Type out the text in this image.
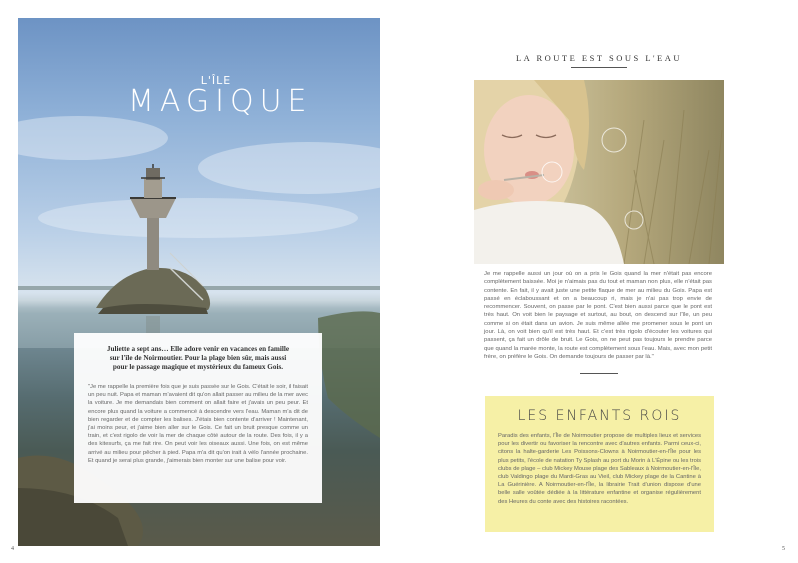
L'ÎLE
MAGIQUE
Juliette a sept ans… Elle adore venir en vacances en famille sur l'île de Noirmoutier. Pour la plage bien sûr, mais aussi pour le passage magique et mystérieux du fameux Gois.
"Je me rappelle la première fois que je suis passée sur le Gois. C'était le soir, il faisait un peu nuit. Papa et maman m'avaient dit qu'on allait passer au milieu de la mer avec la voiture. Je me demandais bien comment on allait faire et j'avais un peu peur. Et encore plus quand la voiture a commencé à descendre vers l'eau. Maman m'a dit de bien regarder et de compter les balises. J'étais bien contente d'arriver ! Maintenant, j'ai moins peur, et j'aime bien aller sur le Gois. Ce fait un bruit presque comme un train, et c'est rigolo de voir la mer de chaque côté autour de la route. Des fois, il y a des kitesurfs, ça me fait rire. On peut voir les oiseaux aussi. Une fois, on est même arrivé au milieu pour pêcher à pied. Papa m'a dit qu'on irait à vélo l'année prochaine. Et quand je serai plus grande, j'aimerais bien monter sur une balise pour voir.
4
LA ROUTE EST SOUS L'EAU
Je me rappelle aussi un jour où on a pris le Gois quand la mer n'était pas encore complètement baissée. Moi je n'aimais pas du tout et maman non plus, elle n'était pas contente. En fait, il y avait juste une petite flaque de mer au milieu du Gois. Papa est passé en éclaboussant et on a beaucoup ri, mais je n'ai pas trop envie de recommencer. Souvent, on passe par le pont. C'est bien aussi parce que le pont est très haut. On voit bien le paysage et surtout, au bout, on descend sur l'île, un peu comme si on était dans un avion. Je suis même allée me promener sous le pont un jour. Là, on voit bien qu'il est très haut. Et c'est très rigolo d'écouter les voitures qui passent, ça fait un drôle de bruit. Le Gois, on ne peut pas toujours le prendre parce que quand la marée monte, la route est complètement sous l'eau. Mais, avec mon petit frère, on préfère le Gois. On demande toujours de passer par là."
LES ENFANTS ROIS
Paradis des enfants, l'Île de Noirmoutier propose de multiples lieux et services pour les divertir ou favoriser la rencontre avec d'autres enfants. Parmi ceux-ci, citons la halte-garderie Les Poissons-Clowns à Noirmoutier-en-l'Île pour les plus petits, l'école de natation Ty Splash au port du Morin à L'Épine ou les trois clubs de plage – club Mickey Mouse plage des Sableaux à Noirmoutier-en-l'Île, club Valdingo plage du Mardi-Gras au Vieil, club Mickey plage de la Cantine à La Guérinière. A Noirmoutier-en-l'Île, la librairie Trait d'union dispose d'une belle salle voûtée dédiée à la littérature enfantine et organise régulièrement des Heures du conte avec des histoires racontées.
5
